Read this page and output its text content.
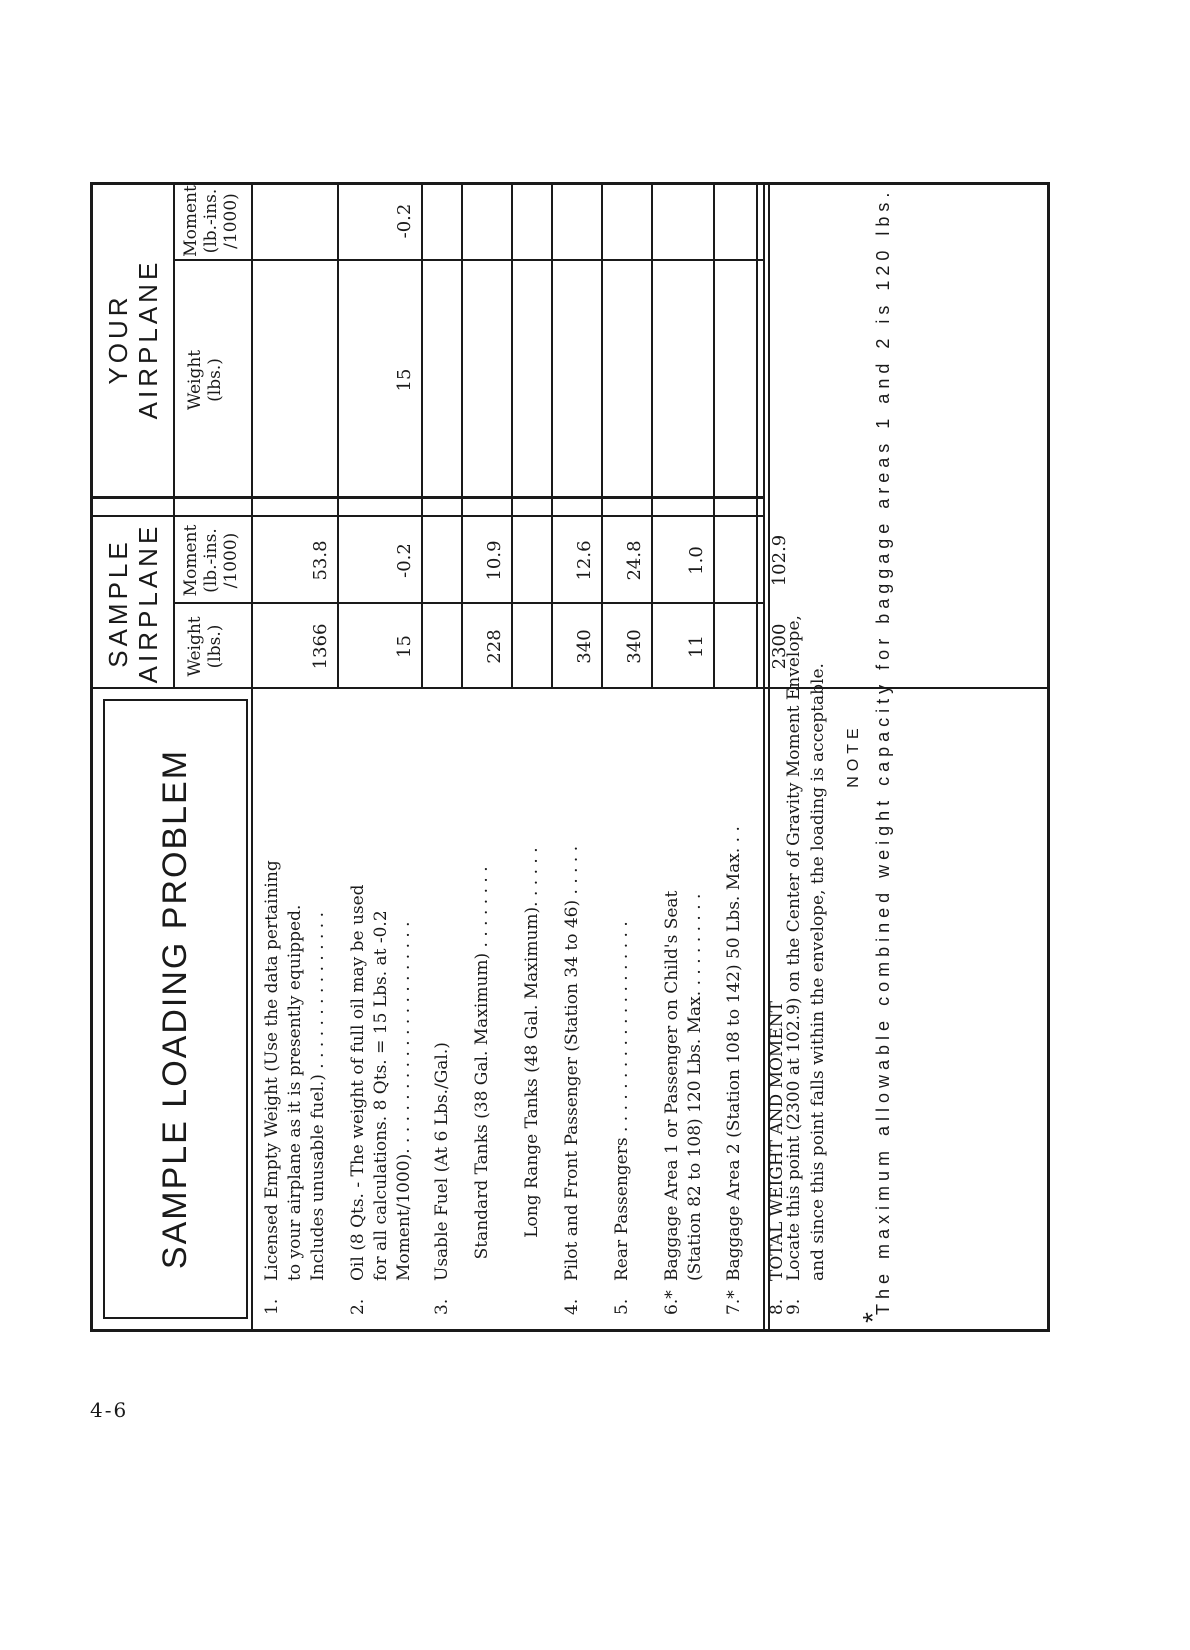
SAMPLE LOADING PROBLEM
SAMPLE AIRPLANE Weight (lbs.)
Moment (lb.-ins. /1000)
YOUR AIRPLANE Weight (lbs.)
Moment (lb.-ins. /1000)
1.
Licensed Empty Weight (Use the data pertaining to your airplane as it is presently equipped. Includes unusable fuel.) . . . . . . . . . . . . . . .
1366
53.8
2.
Oil (8 Qts. - The weight of full oil may be used for all calculations. 8 Qts. = 15 Lbs. at -0.2 Moment/1000). . . . . . . . . . . . . . . . . . . . . .
15
-0.2
15
-0.2
3.
Usable Fuel (At 6 Lbs./Gal.) Standard Tanks (38 Gal. Maximum) . . . . . . . .
228
10.9
Long Range Tanks (48 Gal. Maximum). . . . . .
4.
Pilot and Front Passenger (Station 34 to 46) . . . . .
340
12.6
5.
Rear Passengers . . . . . . . . . . . . . . . . . . . .
340
24.8
6.*
Baggage Area 1 or Passenger on Child's Seat (Station 82 to 108) 120 Lbs. Max. . . . . . . . . .
11
1.0
7.*
Baggage Area 2 (Station 108 to 142) 50 Lbs. Max. . .
8.
TOTAL WEIGHT AND MOMENT
2300
102.9
9.
Locate this point (2300 at 102.9) on the Center of Gravity Moment Envelope, and since this point falls within the envelope, the loading is acceptable. NOTE
*
The maximum allowable combined weight capacity for baggage areas 1 and 2 is 120 lbs.
4-6
